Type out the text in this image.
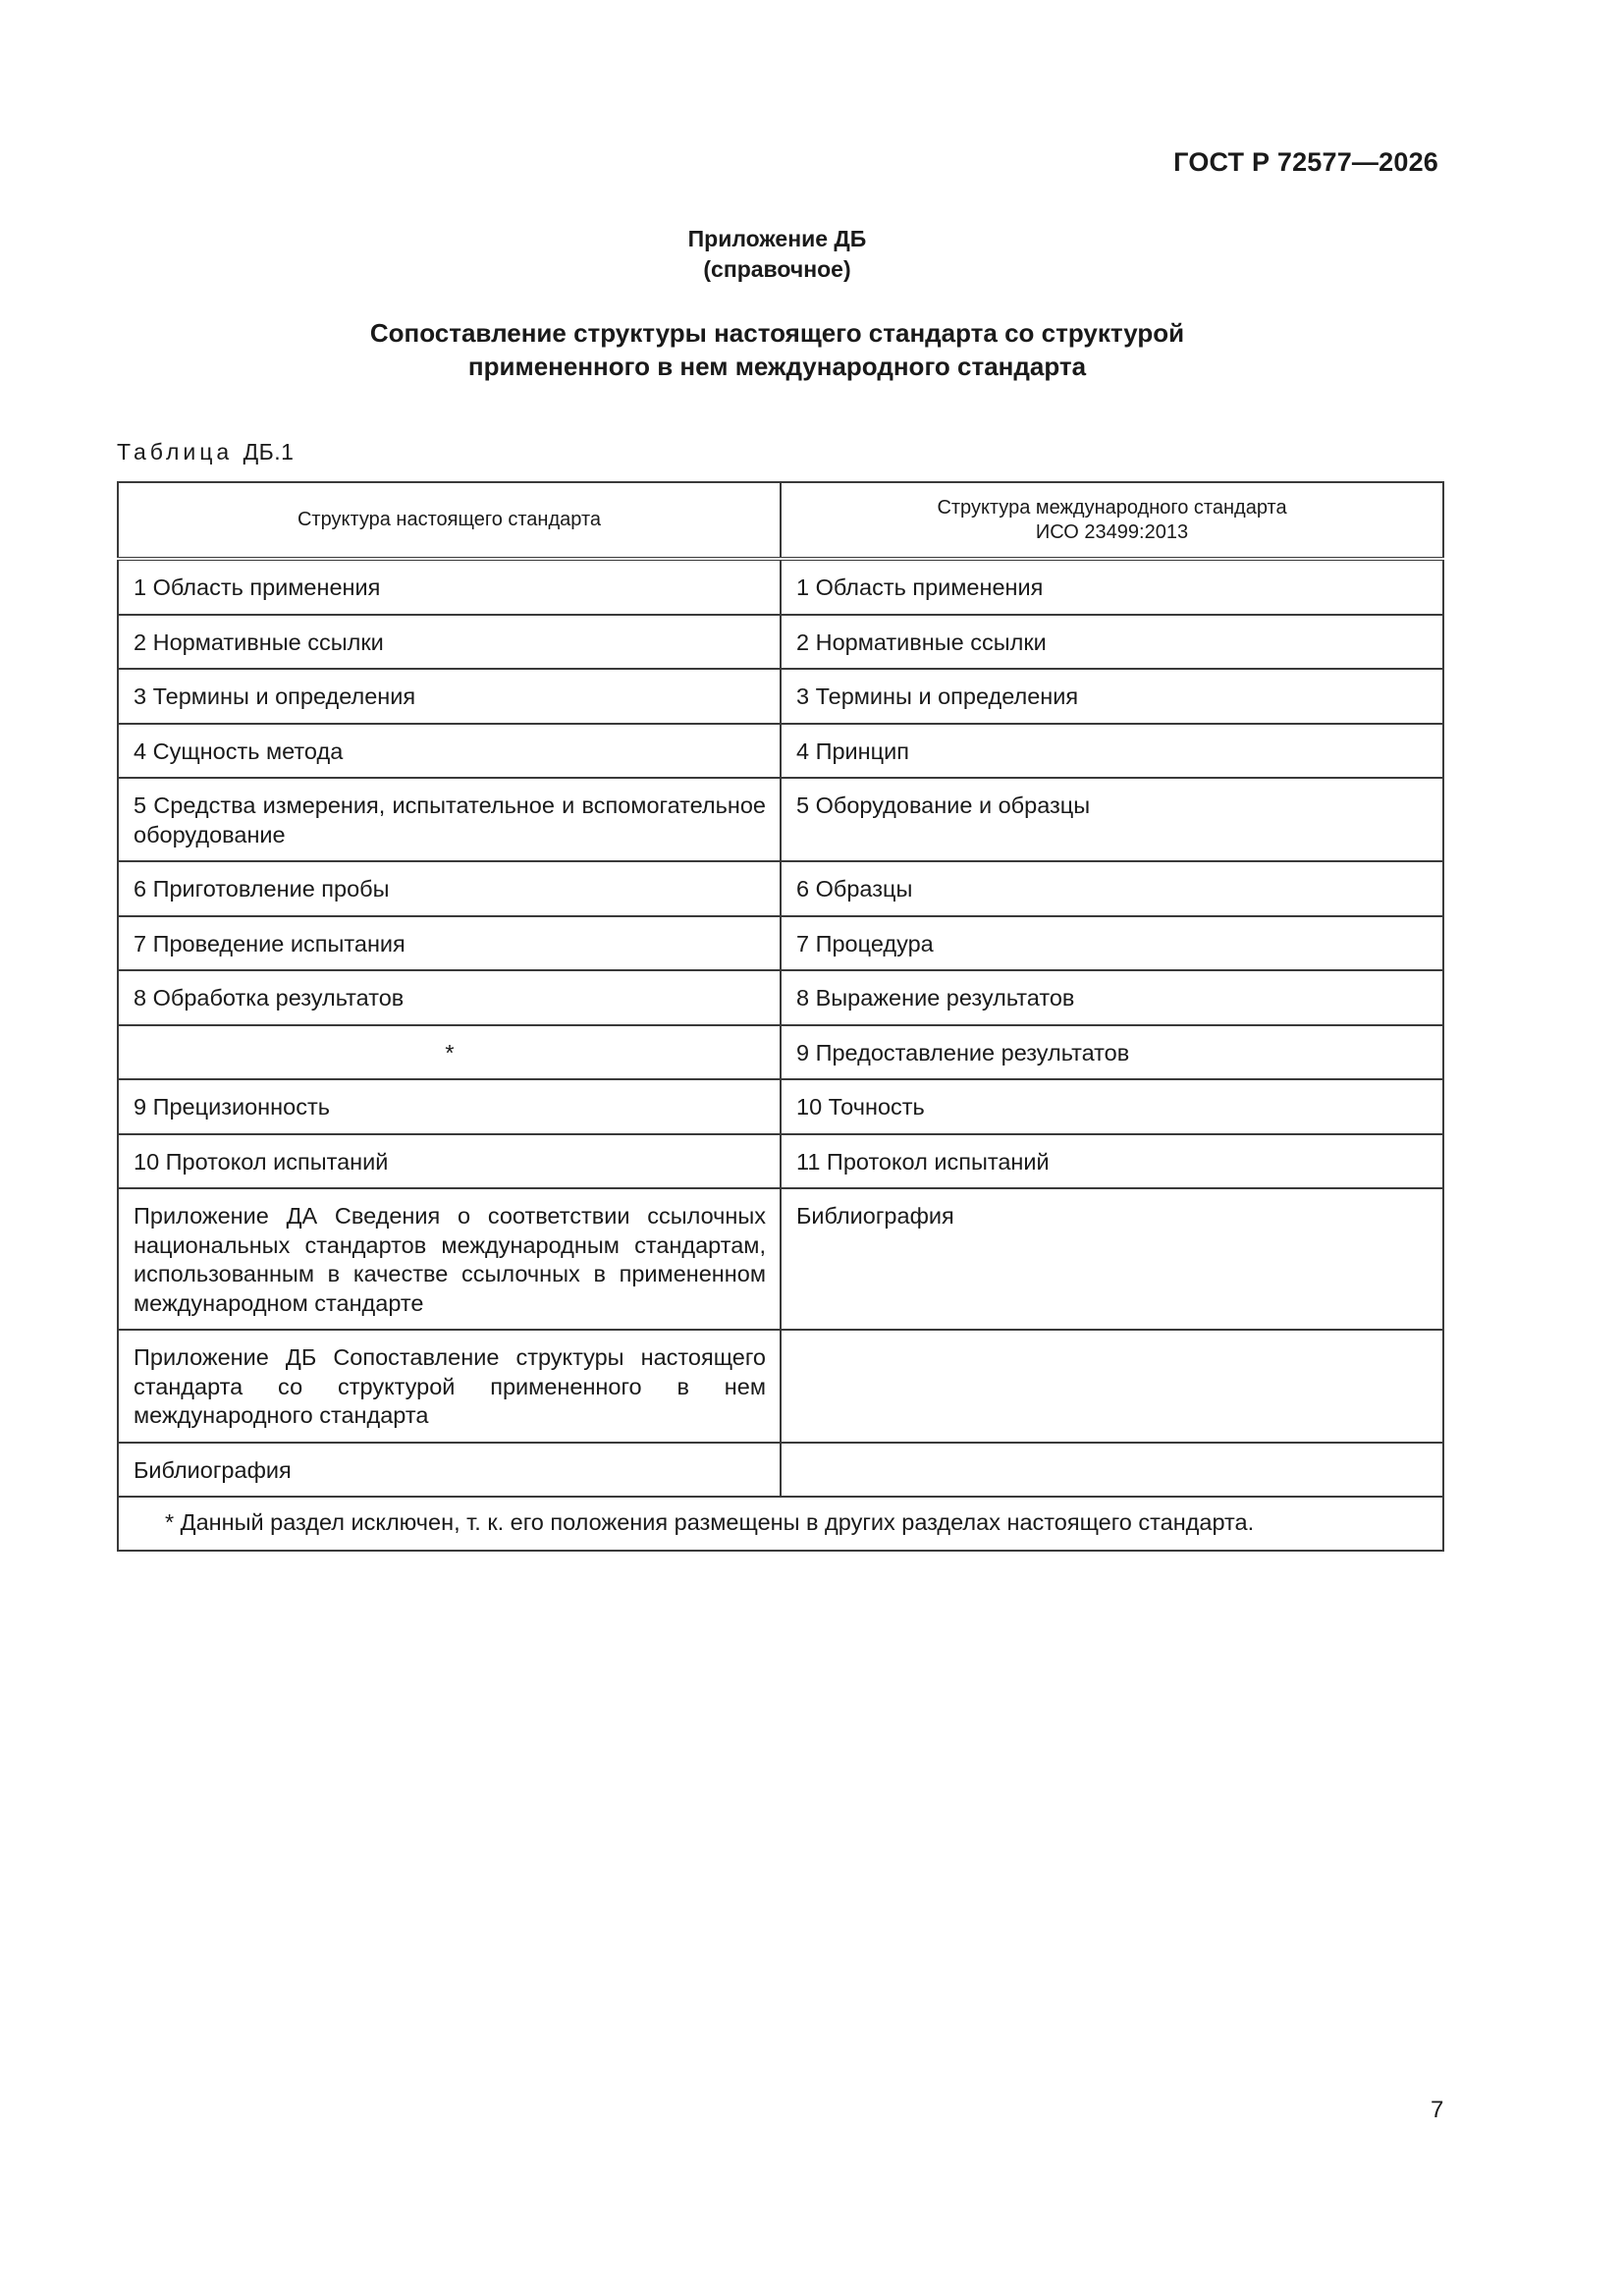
ГОСТ Р 72577—2026
Приложение ДБ
(справочное)
Сопоставление структуры настоящего стандарта со структурой
примененного в нем международного стандарта
Таблица ДБ.1
Структура настоящего стандарта	Структура международного стандарта
ИСО 23499:2013

1 Область применения	1 Область применения
2 Нормативные ссылки	2 Нормативные ссылки
3 Термины и определения	3 Термины и определения
4 Сущность метода	4 Принцип
5 Средства измерения, испытательное и вспомогательное оборудование	5 Оборудование и образцы
6 Приготовление пробы	6 Образцы
7 Проведение испытания	7 Процедура
8 Обработка результатов	8 Выражение результатов
*	9 Предоставление результатов
9 Прецизионность	10 Точность
10 Протокол испытаний	11 Протокол испытаний
Приложение ДА Сведения о соответствии ссылочных национальных стандартов международным стандартам, использованным в качестве ссылочных в примененном международном стандарте	Библиография
Приложение ДБ Сопоставление структуры настоящего стандарта со структурой примененного в нем международного стандарта	
Библиография	
* Данный раздел исключен, т. к. его положения размещены в других разделах настоящего стандарта.	
7
